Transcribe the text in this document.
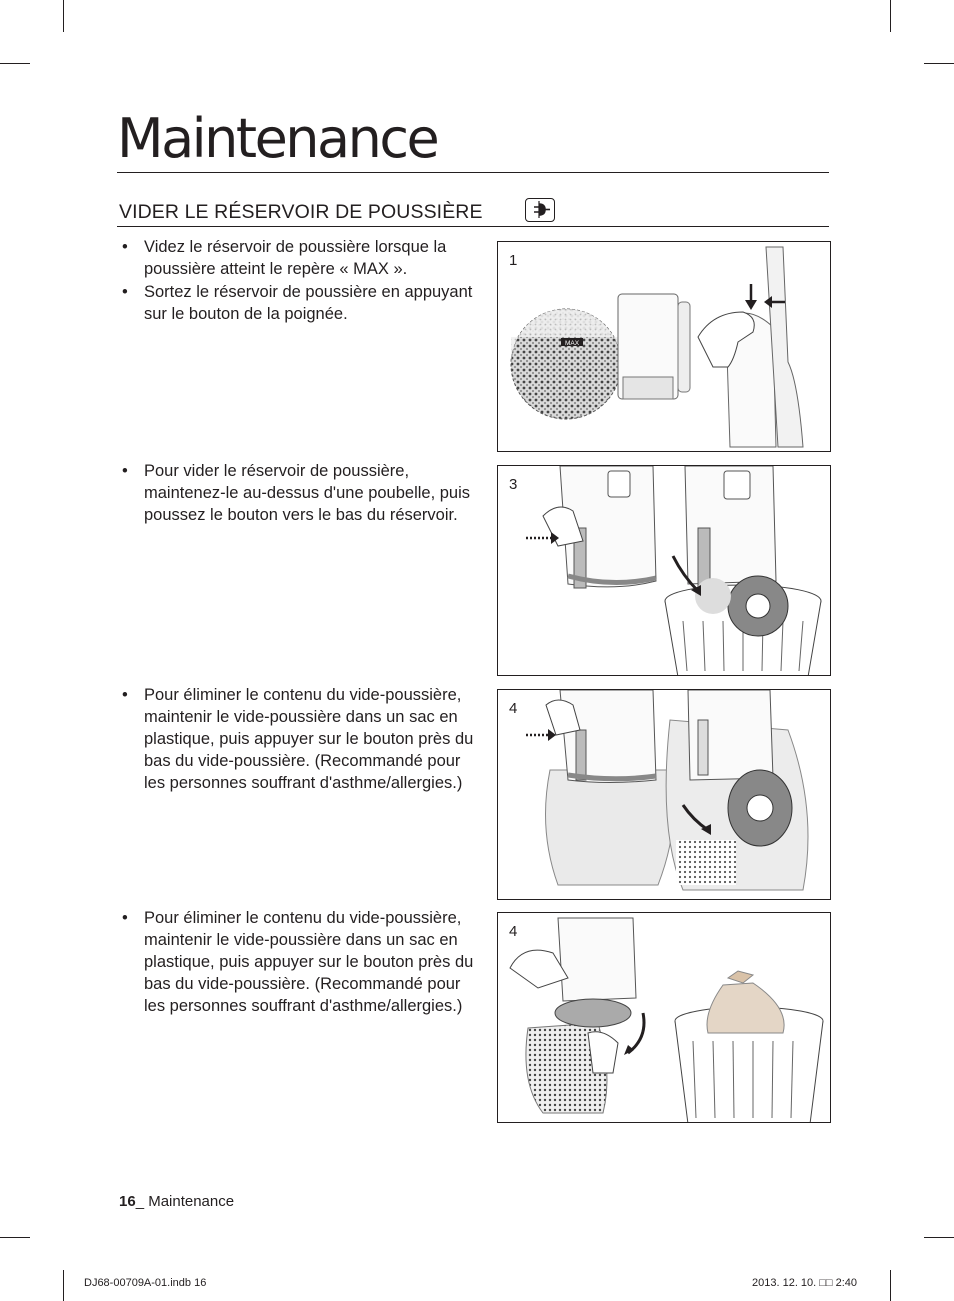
Maintenance
VIDER LE RÉSERVOIR DE POUSSIÈRE
• Videz le réservoir de poussière lorsque la poussière atteint le repère « MAX ».
• Sortez le réservoir de poussière en appuyant sur le bouton de la poignée.
• Pour vider le réservoir de poussière, maintenez-le au-dessus d'une poubelle, puis poussez le bouton vers le bas du réservoir.
• Pour éliminer le contenu du vide-poussière, maintenir le vide-poussière dans un sac en plastique, puis appuyer sur le bouton près du bas du vide-poussière. (Recommandé pour les personnes souffrant d'asthme/allergies.)
• Pour éliminer le contenu du vide-poussière, maintenir le vide-poussière dans un sac en plastique, puis appuyer sur le bouton près du bas du vide-poussière. (Recommandé pour les personnes souffrant d'asthme/allergies.)
1
MAX
3
4
4
16_ Maintenance
DJ68-00709A-01.indb 16	2013. 12. 10. □□ 2:40
